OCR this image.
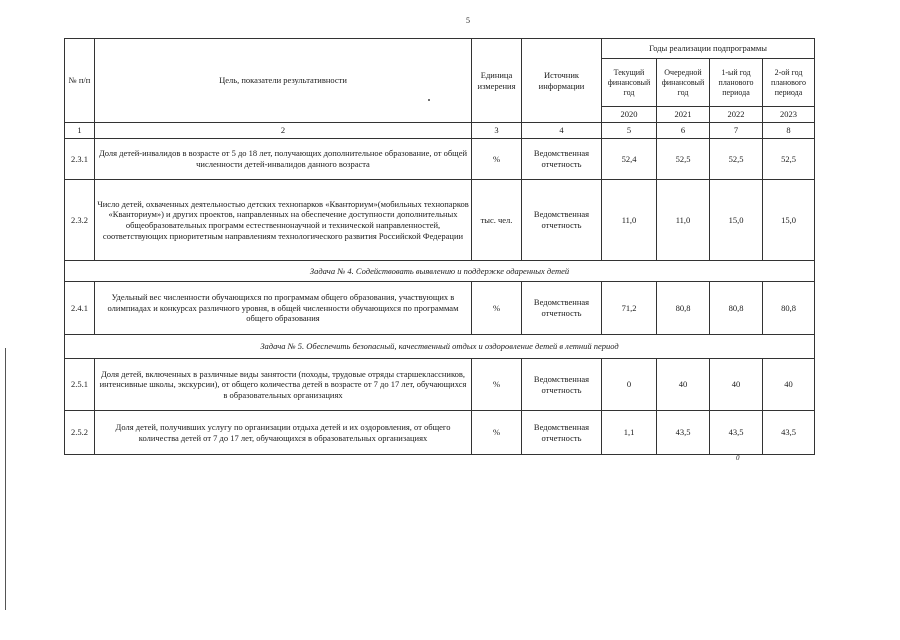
5
0
№ п/п	Цель, показатели результативности	Единица измерения	Источник информации	Годы реализации подпрограммы			
				Текущий финансовый год	Очередной финансовый год	1-ый год планового периода	2-ой год планового периода
				2020	2021	2022	2023
1	2	3	4	5	6	7	8
2.3.1	Доля детей-инвалидов в возрасте от 5 до 18 лет, получающих дополнительное образование, от общей численности детей-инвалидов данного возраста	%	Ведомственная отчетность	52,4	52,5	52,5	52,5
2.3.2	Число детей, охваченных деятельностью детских технопарков «Кванториум»(мобильных технопарков «Кванториум») и других проектов, направленных на обеспечение доступности дополнительных общеобразовательных программ естественнонаучной и технической направленностей, соответствующих приоритетным направлениям технологического развития Российской Федерации	тыс. чел.	Ведомственная отчетность	11,0	11,0	15,0	15,0
Задача № 4. Содействовать выявлению и поддержке одаренных детей							
2.4.1	Удельный вес численности обучающихся по программам общего образования, участвующих в олимпиадах и конкурсах различного уровня, в общей численности обучающихся по программам общего образования	%	Ведомственная отчетность	71,2	80,8	80,8	80,8
Задача № 5. Обеспечить безопасный, качественный отдых и оздоровление детей в летний период							
2.5.1	Доля детей, включенных в различные виды занятости (походы, трудовые отряды старшеклассников, интенсивные школы, экскурсии), от общего количества детей в возрасте от 7 до 17 лет, обучающихся в образовательных организациях	%	Ведомственная отчетность	0	40	40	40
2.5.2	Доля детей, получивших услугу по организации отдыха детей и их оздоровления, от общего количества детей от 7 до 17 лет, обучающихся в образовательных организациях	%	Ведомственная отчетность	1,1	43,5	43,5	43,5
